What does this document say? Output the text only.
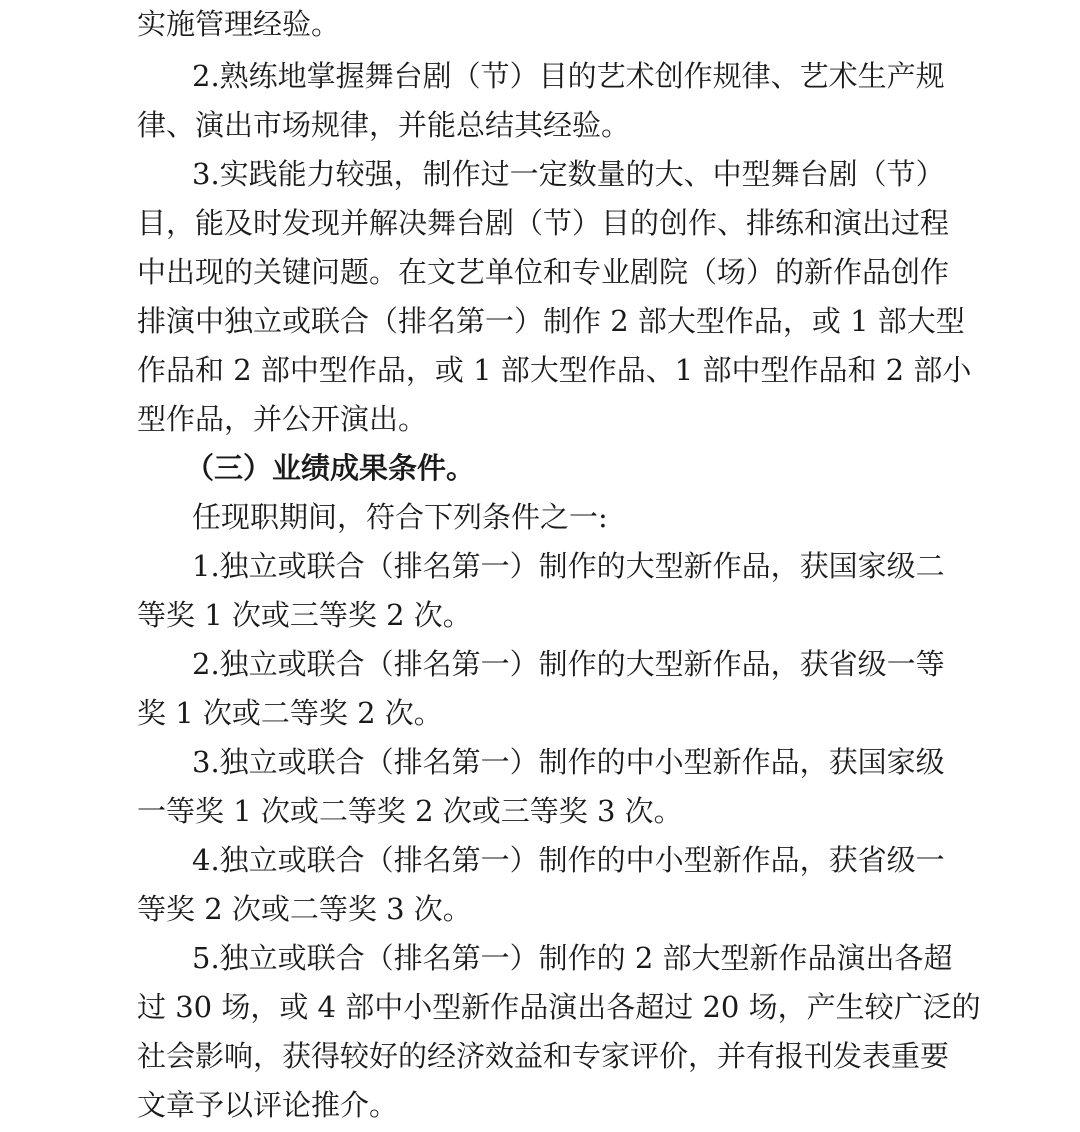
实施管理经验。
2.熟练地掌握舞台剧（节）目的艺术创作规律、艺术生产规
律、演出市场规律，并能总结其经验。
3.实践能力较强，制作过一定数量的大、中型舞台剧（节）
目，能及时发现并解决舞台剧（节）目的创作、排练和演出过程
中出现的关键问题。在文艺单位和专业剧院（场）的新作品创作
排演中独立或联合（排名第一）制作 2 部大型作品，或 1 部大型
作品和 2 部中型作品，或 1 部大型作品、1 部中型作品和 2 部小
型作品，并公开演出。
（三）业绩成果条件。
任现职期间，符合下列条件之一:
1.独立或联合（排名第一）制作的大型新作品，获国家级二
等奖 1 次或三等奖 2 次。
2.独立或联合（排名第一）制作的大型新作品，获省级一等
奖 1 次或二等奖 2 次。
3.独立或联合（排名第一）制作的中小型新作品，获国家级
一等奖 1 次或二等奖 2 次或三等奖 3 次。
4.独立或联合（排名第一）制作的中小型新作品，获省级一
等奖 2 次或二等奖 3 次。
5.独立或联合（排名第一）制作的 2 部大型新作品演出各超
过 30 场，或 4 部中小型新作品演出各超过 20 场，产生较广泛的
社会影响，获得较好的经济效益和专家评价，并有报刊发表重要
文章予以评论推介。
